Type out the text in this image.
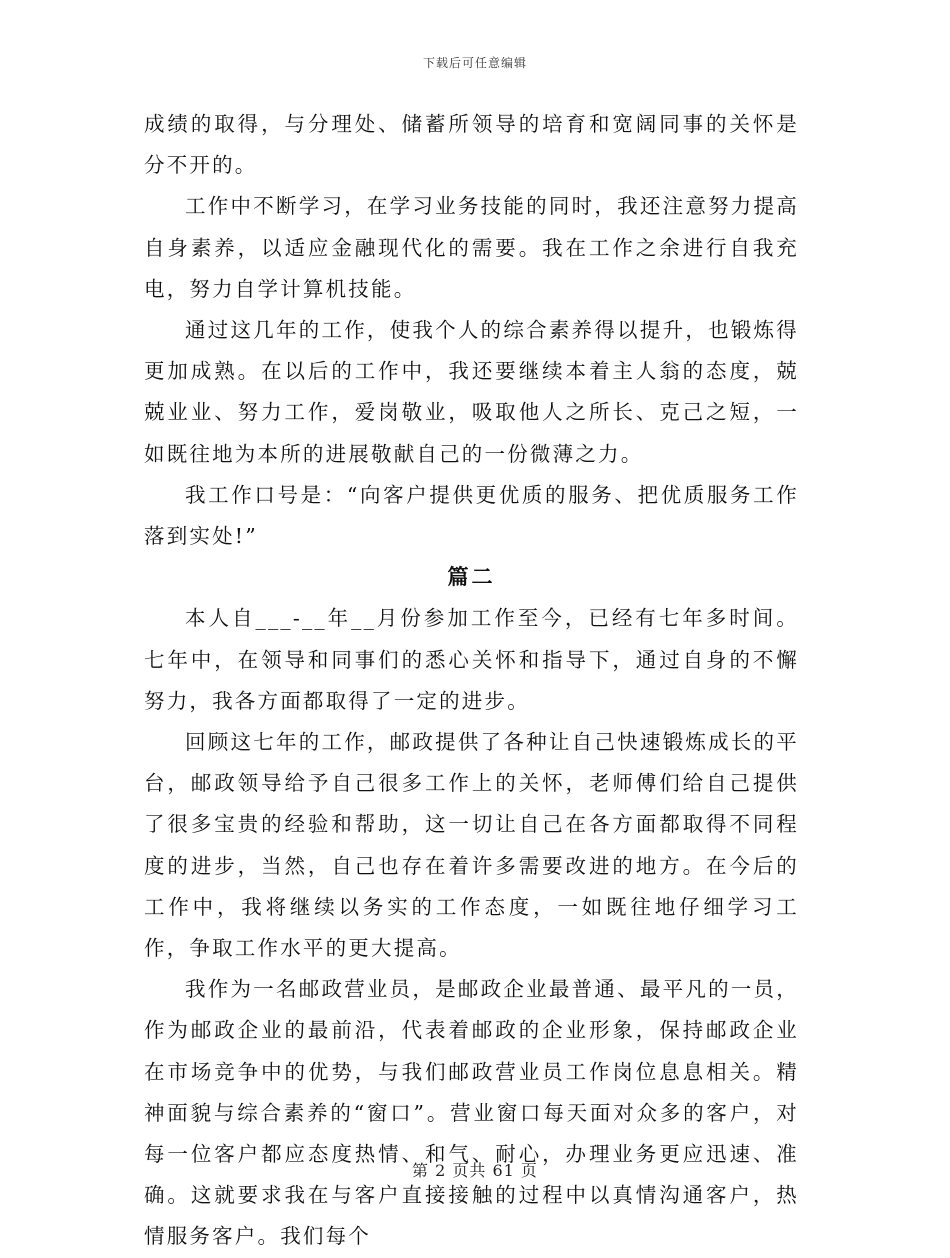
下载后可任意编辑

成绩的取得，与分理处、储蓄所领导的培育和宽阔同事的关怀是分不开的。

工作中不断学习，在学习业务技能的同时，我还注意努力提高自身素养，以适应金融现代化的需要。我在工作之余进行自我充电，努力自学计算机技能。

通过这几年的工作，使我个人的综合素养得以提升，也锻炼得更加成熟。在以后的工作中，我还要继续本着主人翁的态度，兢兢业业、努力工作，爱岗敬业，吸取他人之所长、克己之短，一如既往地为本所的进展敬献自己的一份微薄之力。

我工作口号是：“向客户提供更优质的服务、把优质服务工作落到实处!”

篇二

本人自___-__年__月份参加工作至今，已经有七年多时间。七年中，在领导和同事们的悉心关怀和指导下，通过自身的不懈努力，我各方面都取得了一定的进步。

回顾这七年的工作，邮政提供了各种让自己快速锻炼成长的平台，邮政领导给予自己很多工作上的关怀，老师傅们给自己提供了很多宝贵的经验和帮助，这一切让自己在各方面都取得不同程度的进步，当然，自己也存在着许多需要改进的地方。在今后的工作中，我将继续以务实的工作态度，一如既往地仔细学习工作，争取工作水平的更大提高。

我作为一名邮政营业员，是邮政企业最普通、最平凡的一员，作为邮政企业的最前沿，代表着邮政的企业形象，保持邮政企业在市场竞争中的优势，与我们邮政营业员工作岗位息息相关。精神面貌与综合素养的“窗口”。营业窗口每天面对众多的客户，对每一位客户都应态度热情、和气、耐心，办理业务更应迅速、准确。这就要求我在与客户直接接触的过程中以真情沟通客户，热情服务客户。我们每个

第 2 页共 61 页
